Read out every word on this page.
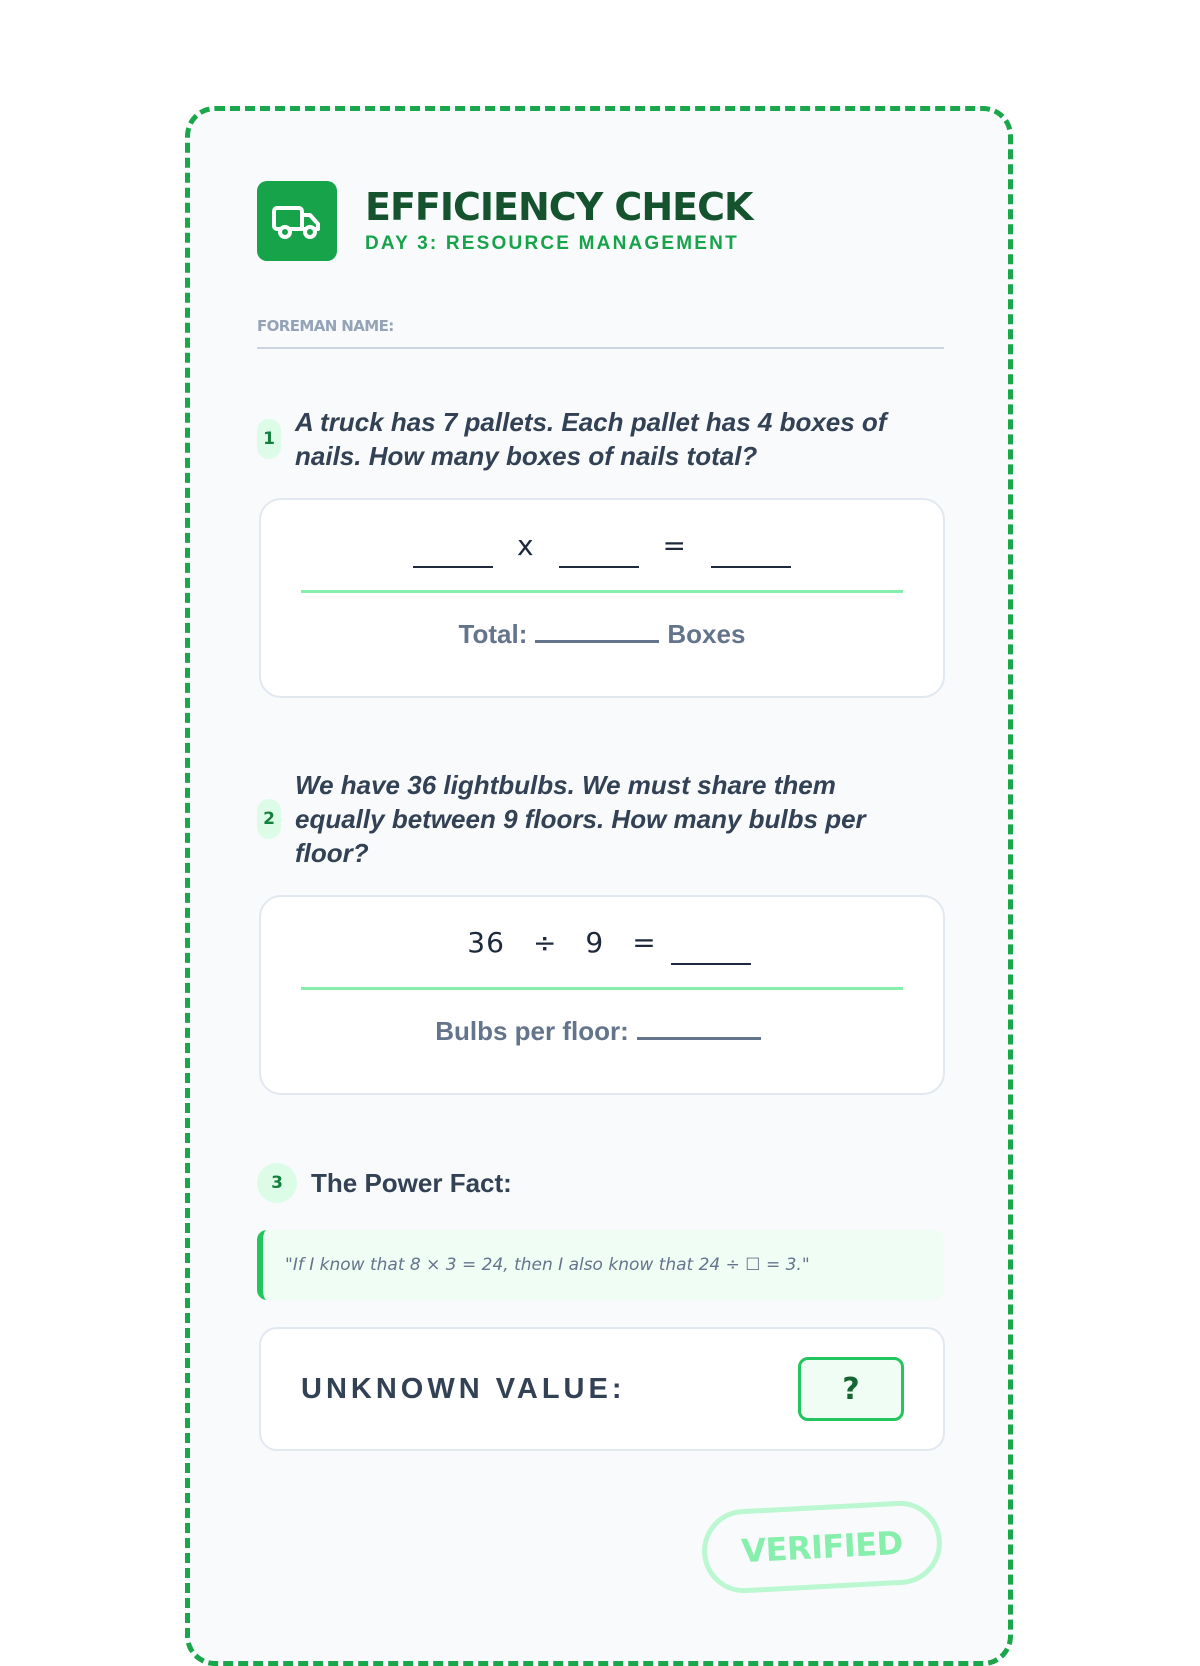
EFFICIENCY CHECK
DAY 3: RESOURCE MANAGEMENT
FOREMAN NAME:
1
A truck has 7 pallets. Each pallet has 4 boxes of nails. How many boxes of nails total?
x	=
Total:	Boxes
2
We have 36 lightbulbs. We must share them equally between 9 floors. How many bulbs per floor?
36 ÷ 9 =
Bulbs per floor:
3	The Power Fact:
"If I know that 8 × 3 = 24, then I also know that 24 ÷ ☐ = 3."
UNKNOWN VALUE:	?
VERIFIED
